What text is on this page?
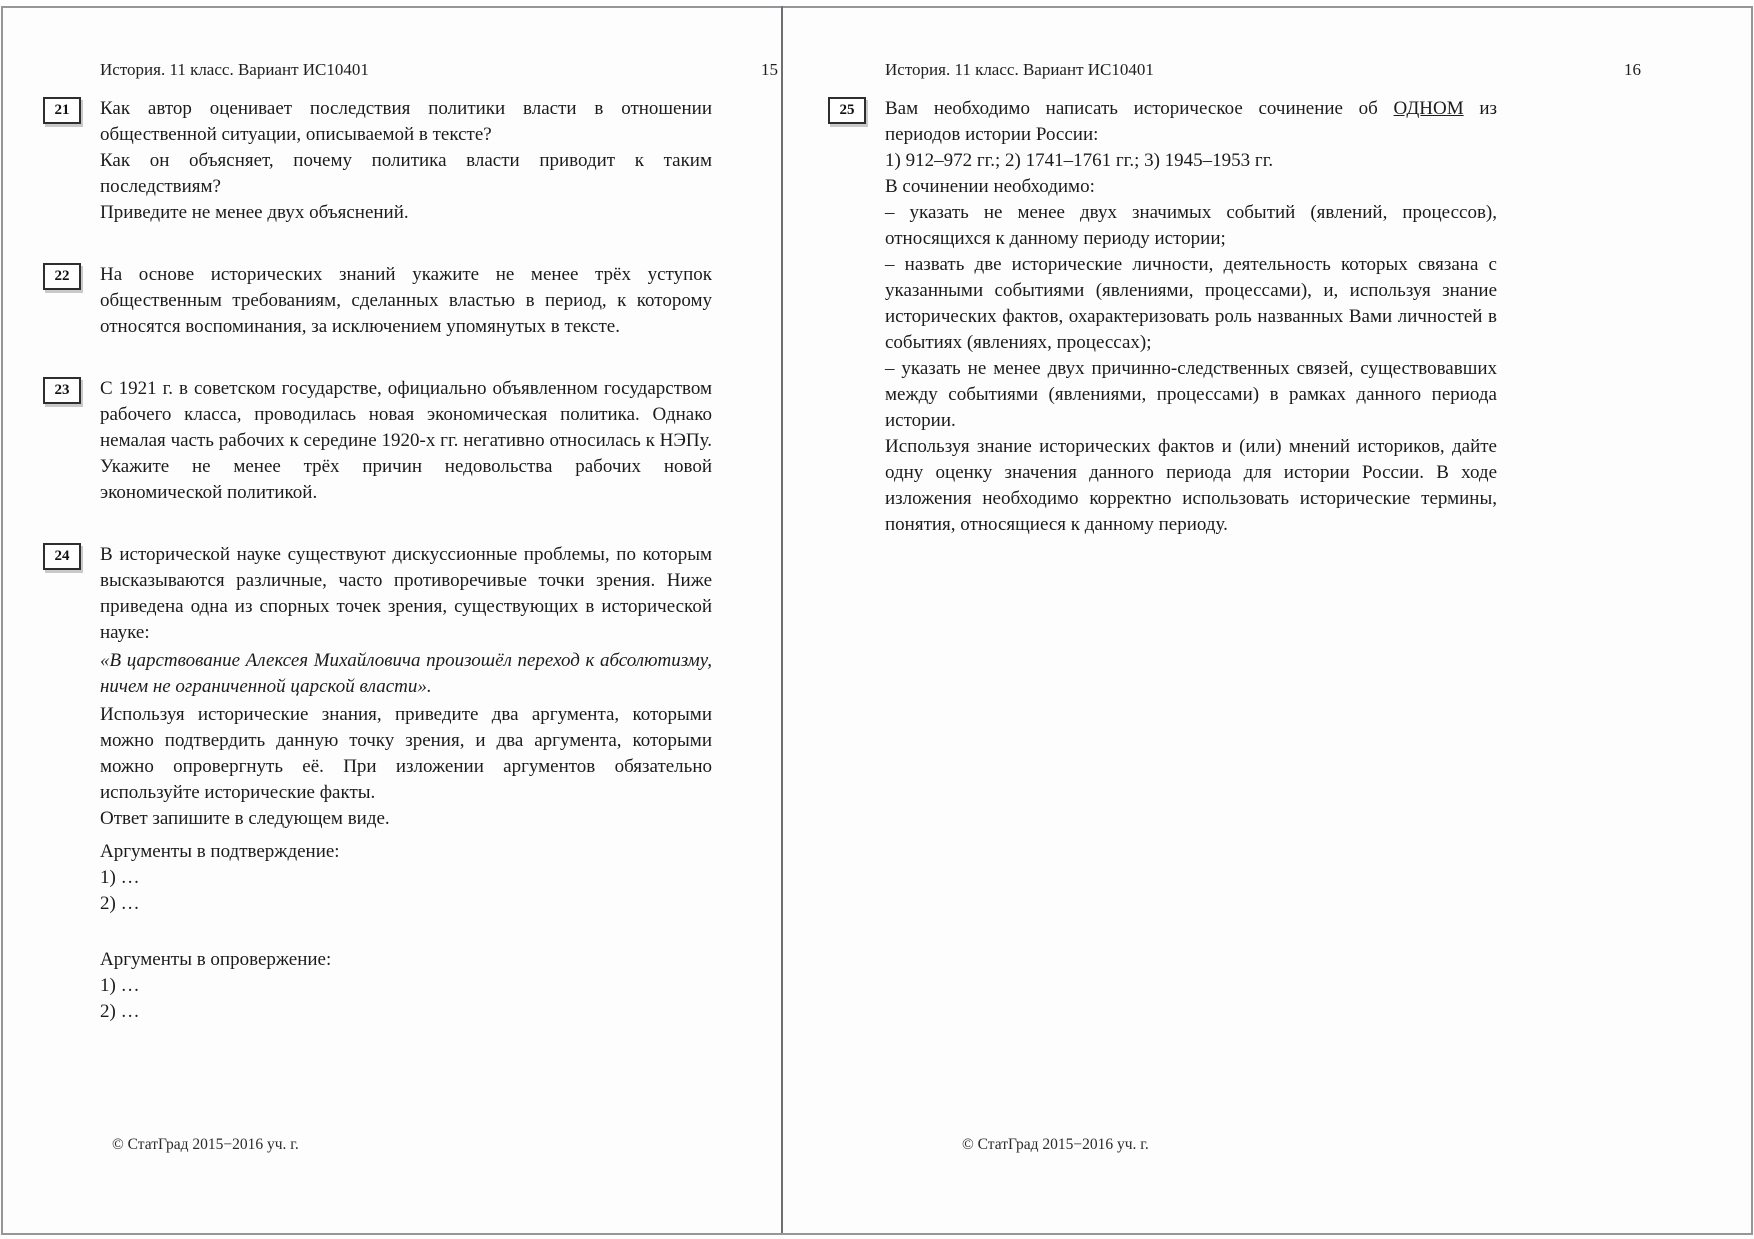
История. 11 класс. Вариант ИС10401	15
21 Как автор оценивает последствия политики власти в отношении общественной ситуации, описываемой в тексте?

Как он объясняет, почему политика власти приводит к таким последствиям?

Приведите не менее двух объяснений.

22 На основе исторических знаний укажите не менее трёх уступок общественным требованиям, сделанных властью в период, к которому относятся воспоминания, за исключением упомянутых в тексте.

23 С 1921 г. в советском государстве, официально объявленном государством рабочего класса, проводилась новая экономическая политика. Однако немалая часть рабочих к середине 1920-х гг. негативно относилась к НЭПу. Укажите не менее трёх причин недовольства рабочих новой экономической политикой.

24 В исторической науке существуют дискуссионные проблемы, по которым высказываются различные, часто противоречивые точки зрения. Ниже приведена одна из спорных точек зрения, существующих в исторической науке:

«В царствование Алексея Михайловича произошёл переход к абсолютизму, ничем не ограниченной царской власти».

Используя исторические знания, приведите два аргумента, которыми можно подтвердить данную точку зрения, и два аргумента, которыми можно опровергнуть её. При изложении аргументов обязательно используйте исторические факты.

Ответ запишите в следующем виде.

Аргументы в подтверждение:

1) …

2) …

Аргументы в опровержение:

1) …

2) …

© СтатГрад 2015−2016 уч. г.
История. 11 класс. Вариант ИС10401	16
25 Вам необходимо написать историческое сочинение об ОДНОМ из периодов истории России:

1) 912–972 гг.; 2) 1741–1761 гг.; 3) 1945–1953 гг.

В сочинении необходимо:

– указать не менее двух значимых событий (явлений, процессов), относящихся к данному периоду истории;

– назвать две исторические личности, деятельность которых связана с указанными событиями (явлениями, процессами), и, используя знание исторических фактов, охарактеризовать роль названных Вами личностей в событиях (явлениях, процессах);

– указать не менее двух причинно-следственных связей, существовавших между событиями (явлениями, процессами) в рамках данного периода истории.

Используя знание исторических фактов и (или) мнений историков, дайте одну оценку значения данного периода для истории России. В ходе изложения необходимо корректно использовать исторические термины, понятия, относящиеся к данному периоду.

© СтатГрад 2015−2016 уч. г.
